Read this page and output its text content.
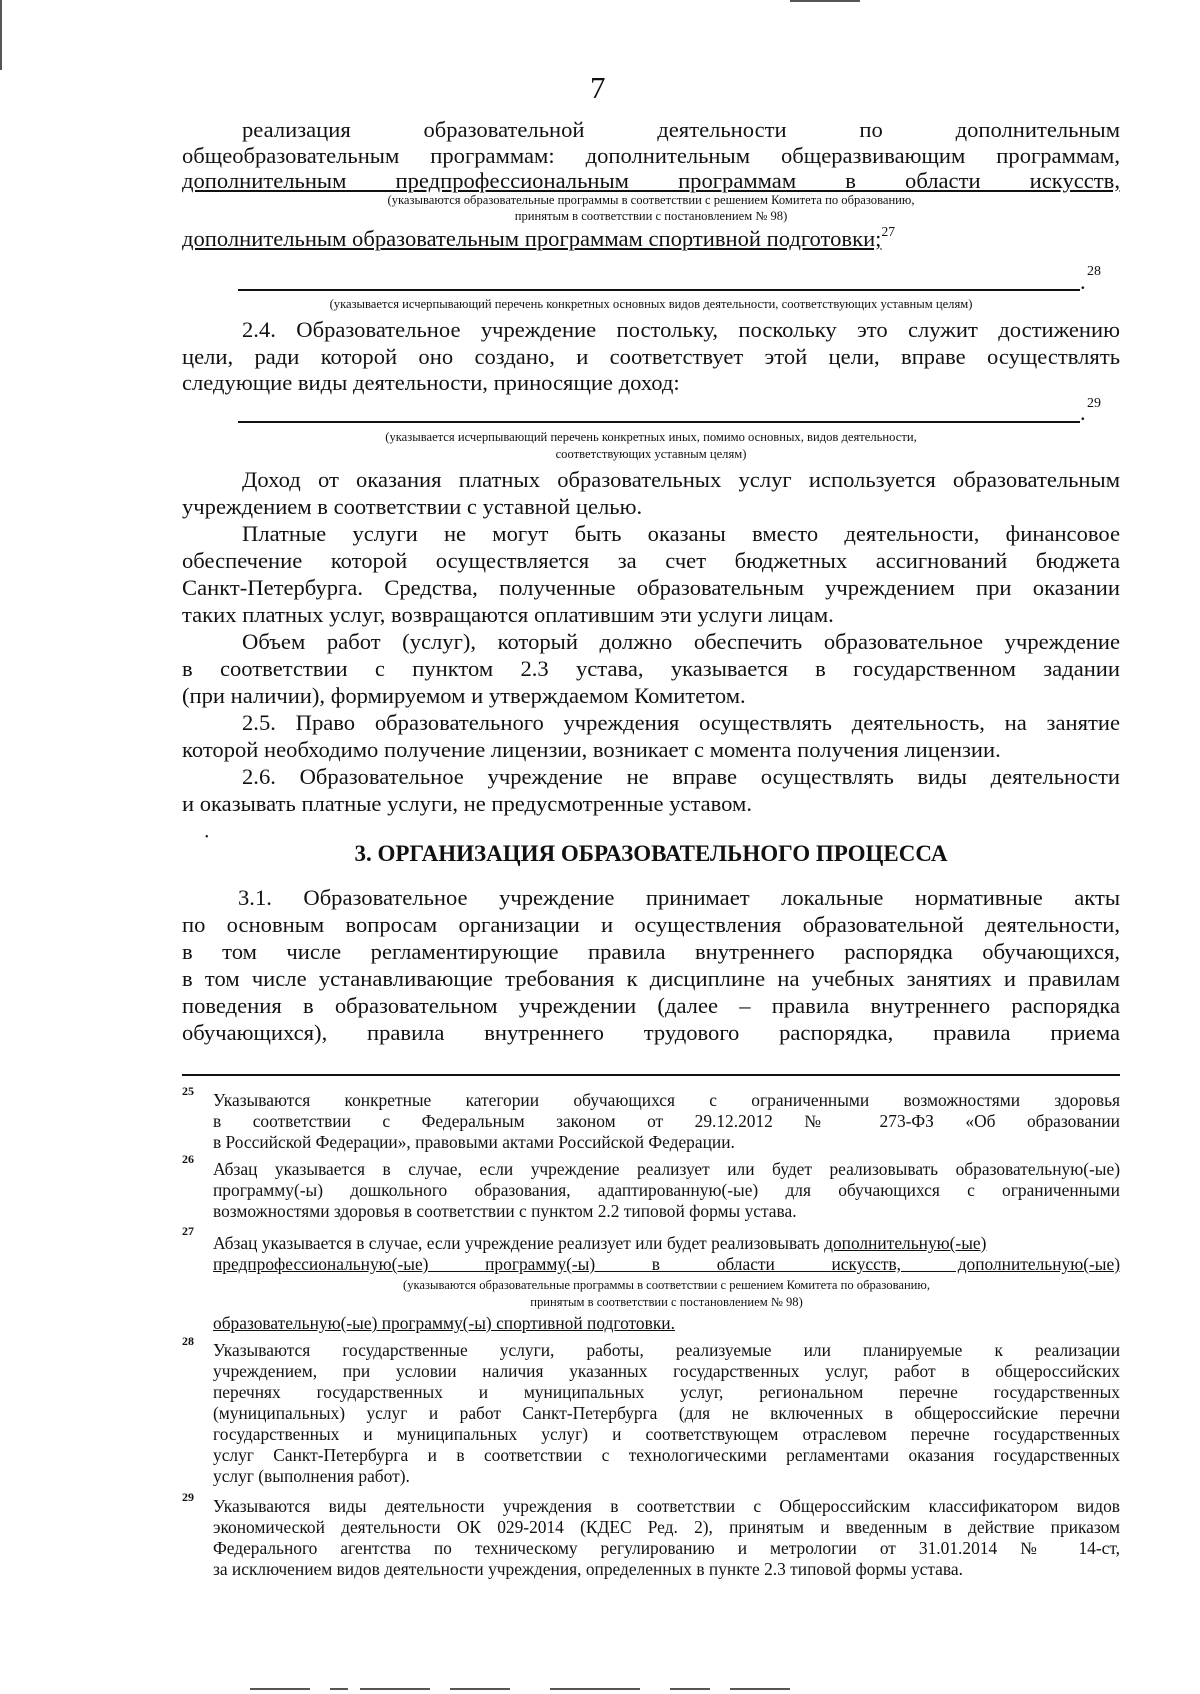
7
реализация образовательной деятельности по дополнительным
общеобразовательным программам: дополнительным общеразвивающим программам,
дополнительным предпрофессиональным программам в области искусств,
(указываются образовательные программы в соответствии с решением Комитета по образованию,
принятым в соответствии с постановлением № 98)
дополнительным образовательным программам спортивной подготовки;$^{27}$
28
.
(указывается исчерпывающий перечень конкретных основных видов деятельности, соответствующих уставным целям)
2.4. Образовательное учреждение постольку, поскольку это служит достижению
цели, ради которой оно создано, и соответствует этой цели, вправе осуществлять
следующие виды деятельности, приносящие доход:
29
.
(указывается исчерпывающий перечень конкретных иных, помимо основных, видов деятельности,
соответствующих уставным целям)
Доход от оказания платных образовательных услуг используется образовательным
учреждением в соответствии с уставной целью.
Платные услуги не могут быть оказаны вместо деятельности, финансовое
обеспечение которой осуществляется за счет бюджетных ассигнований бюджета
Санкт-Петербурга. Средства, полученные образовательным учреждением при оказании
таких платных услуг, возвращаются оплатившим эти услуги лицам.
Объем работ (услуг), который должно обеспечить образовательное учреждение
в соответствии с пунктом 2.3 устава, указывается в государственном задании
(при наличии), формируемом и утверждаемом Комитетом.
2.5. Право образовательного учреждения осуществлять деятельность, на занятие
которой необходимо получение лицензии, возникает с момента получения лицензии.
2.6. Образовательное учреждение не вправе осуществлять виды деятельности
и оказывать платные услуги, не предусмотренные уставом.
•
3. ОРГАНИЗАЦИЯ ОБРАЗОВАТЕЛЬНОГО ПРОЦЕССА
3.1. Образовательное учреждение принимает локальные нормативные акты
по основным вопросам организации и осуществления образовательной деятельности,
в том числе регламентирующие правила внутреннего распорядка обучающихся,
в том числе устанавливающие требования к дисциплине на учебных занятиях и правилам
поведения в образовательном учреждении (далее – правила внутреннего распорядка
обучающихся), правила внутреннего трудового распорядка, правила приема
25 Указываются конкретные категории обучающихся с ограниченными возможностями здоровья
в соответствии с Федеральным законом от 29.12.2012 № 273-ФЗ «Об образовании
в Российской Федерации», правовыми актами Российской Федерации.
26 Абзац указывается в случае, если учреждение реализует или будет реализовывать образовательную(-ые)
программу(-ы) дошкольного образования, адаптированную(-ые) для обучающихся с ограниченными
возможностями здоровья в соответствии с пунктом 2.2 типовой формы устава.
27
Абзац указывается в случае, если учреждение реализует или будет реализовывать дополнительную(-ые)
предпрофессиональную(-ые) программу(-ы) в области искусств, дополнительную(-ые)
(указываются образовательные программы в соответствии с решением Комитета по образованию,
принятым в соответствии с постановлением № 98)
образовательную(-ые) программу(-ы) спортивной подготовки.
28 Указываются государственные услуги, работы, реализуемые или планируемые к реализации
учреждением, при условии наличия указанных государственных услуг, работ в общероссийских
перечнях государственных и муниципальных услуг, региональном перечне государственных
(муниципальных) услуг и работ Санкт-Петербурга (для не включенных в общероссийские перечни
государственных и муниципальных услуг) и соответствующем отраслевом перечне государственных
услуг Санкт-Петербурга и в соответствии с технологическими регламентами оказания государственных
услуг (выполнения работ).
29 Указываются виды деятельности учреждения в соответствии с Общероссийским классификатором видов
экономической деятельности ОК 029-2014 (КДЕС Ред. 2), принятым и введенным в действие приказом
Федерального агентства по техническому регулированию и метрологии от 31.01.2014 № 14-ст,
за исключением видов деятельности учреждения, определенных в пункте 2.3 типовой формы устава.
